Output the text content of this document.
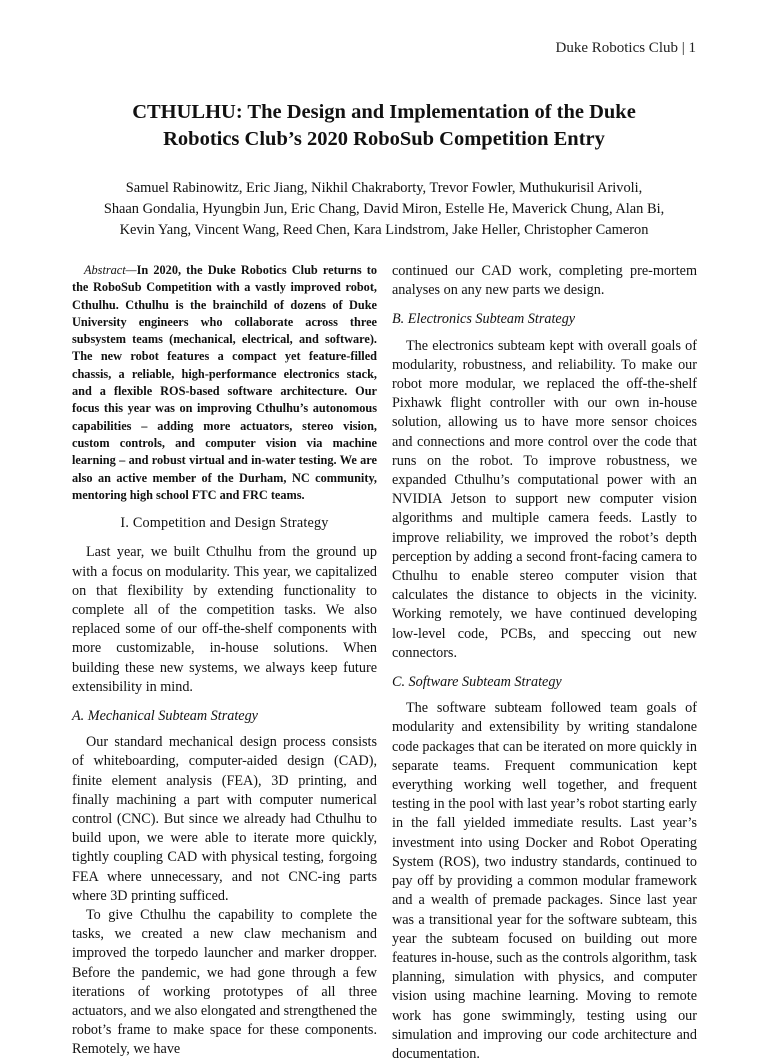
Duke Robotics Club | 1
CTHULHU: The Design and Implementation of the Duke
Robotics Club’s 2020 RoboSub Competition Entry
Samuel Rabinowitz, Eric Jiang, Nikhil Chakraborty, Trevor Fowler, Muthukurisil Arivoli,
Shaan Gondalia, Hyungbin Jun, Eric Chang, David Miron, Estelle He, Maverick Chung, Alan Bi,
Kevin Yang, Vincent Wang, Reed Chen, Kara Lindstrom, Jake Heller, Christopher Cameron

Abstract—In 2020, the Duke Robotics Club returns to the RoboSub Competition with a vastly improved robot, Cthulhu. Cthulhu is the brainchild of dozens of Duke University engineers who collaborate across three subsystem teams (mechanical, electrical, and software). The new robot features a compact yet feature-filled chassis, a reliable, high-performance electronics stack, and a flexible ROS-based software architecture. Our focus this year was on improving Cthulhu’s autonomous capabilities – adding more actuators, stereo vision, custom controls, and computer vision via machine learning – and robust virtual and in-water testing. We are also an active member of the Durham, NC community, mentoring high school FTC and FRC teams.

I. Competition and Design Strategy

Last year, we built Cthulhu from the ground up with a focus on modularity. This year, we capitalized on that flexibility by extending functionality to complete all of the competition tasks. We also replaced some of our off-the-shelf components with more customizable, in-house solutions. When building these new systems, we always keep future extensibility in mind.

A. Mechanical Subteam Strategy

Our standard mechanical design process consists of whiteboarding, computer-aided design (CAD), finite element analysis (FEA), 3D printing, and finally machining a part with computer numerical control (CNC). But since we already had Cthulhu to build upon, we were able to iterate more quickly, tightly coupling CAD with physical testing, forgoing FEA where unnecessary, and not CNC-ing parts where 3D printing sufficed.

To give Cthulhu the capability to complete the tasks, we created a new claw mechanism and improved the torpedo launcher and marker dropper. Before the pandemic, we had gone through a few iterations of working prototypes of all three actuators, and we also elongated and strengthened the robot’s frame to make space for these components. Remotely, we have

continued our CAD work, completing pre-mortem analyses on any new parts we design.

B. Electronics Subteam Strategy

The electronics subteam kept with overall goals of modularity, robustness, and reliability. To make our robot more modular, we replaced the off-the-shelf Pixhawk flight controller with our own in-house solution, allowing us to have more sensor choices and connections and more control over the code that runs on the robot. To improve robustness, we expanded Cthulhu’s computational power with an NVIDIA Jetson to support new computer vision algorithms and multiple camera feeds. Lastly to improve reliability, we improved the robot’s depth perception by adding a second front-facing camera to Cthulhu to enable stereo computer vision that calculates the distance to objects in the vicinity. Working remotely, we have continued developing low-level code, PCBs, and speccing out new connectors.

C. Software Subteam Strategy

The software subteam followed team goals of modularity and extensibility by writing standalone code packages that can be iterated on more quickly in separate teams. Frequent communication kept everything working well together, and frequent testing in the pool with last year’s robot starting early in the fall yielded immediate results. Last year’s investment into using Docker and Robot Operating System (ROS), two industry standards, continued to pay off by providing a common modular framework and a wealth of premade packages. Since last year was a transitional year for the software subteam, this year the subteam focused on building out more features in-house, such as the controls algorithm, task planning, simulation with physics, and computer vision using machine learning. Moving to remote work has gone swimmingly, testing using our simulation and improving our code architecture and documentation.
